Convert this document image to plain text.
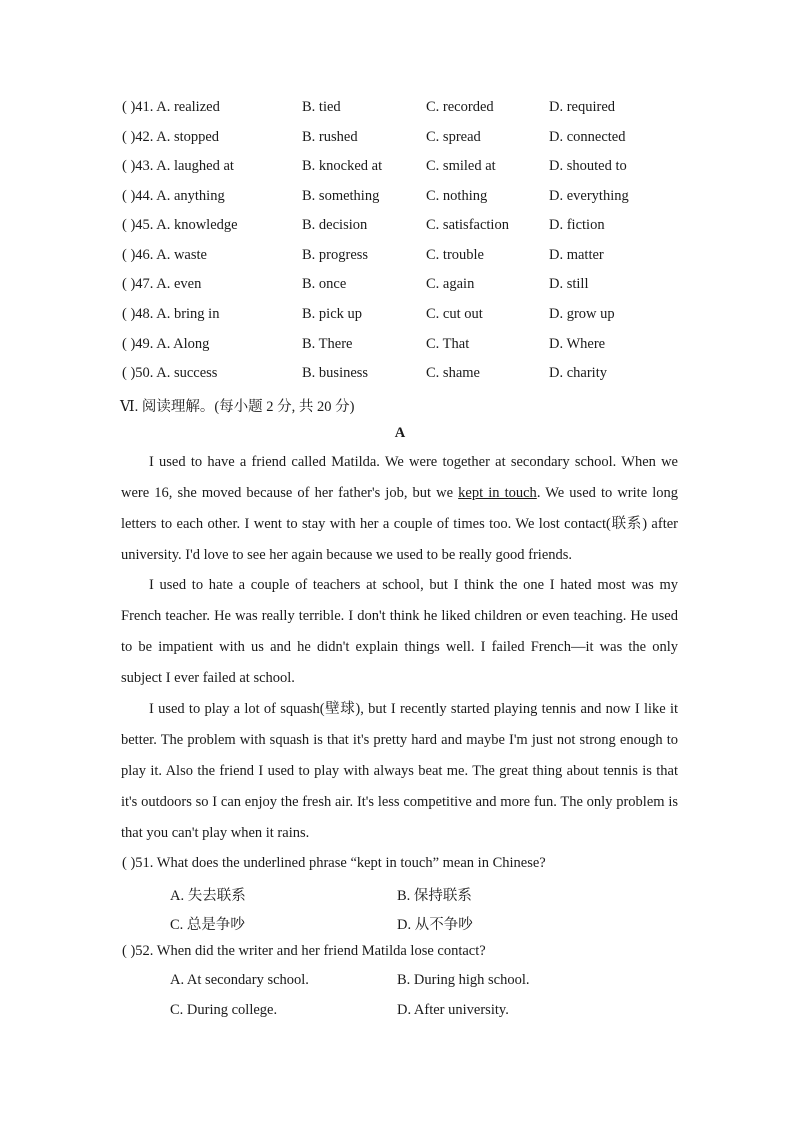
( )41. A. realized	B. tied	C. recorded	D. required
( )42. A. stopped	B. rushed	C. spread	D. connected
( )43. A. laughed at	B. knocked at	C. smiled at	D. shouted to
( )44. A. anything	B. something	C. nothing	D. everything
( )45. A. knowledge	B. decision	C. satisfaction	D. fiction
( )46. A. waste	B. progress	C. trouble	D. matter
( )47. A. even	B. once	C. again	D. still
( )48. A. bring in	B. pick up	C. cut out	D. grow up
( )49. A. Along	B. There	C. That	D. Where
( )50. A. success	B. business	C. shame	D. charity
Ⅵ. 阅读理解。(每小题 2 分, 共 20 分)
A

I used to have a friend called Matilda. We were together at secondary school. When we were 16, she moved because of her father's job, but we kept in touch. We used to write long letters to each other. I went to stay with her a couple of times too. We lost contact(联系) after university. I'd love to see her again because we used to be really good friends.

I used to hate a couple of teachers at school, but I think the one I hated most was my French teacher. He was really terrible. I don't think he liked children or even teaching. He used to be impatient with us and he didn't explain things well. I failed French—it was the only subject I ever failed at school.

I used to play a lot of squash(壁球), but I recently started playing tennis and now I like it better. The problem with squash is that it's pretty hard and maybe I'm just not strong enough to play it. Also the friend I used to play with always beat me. The great thing about tennis is that it's outdoors so I can enjoy the fresh air. It's less competitive and more fun. The only problem is that you can't play when it rains.

( )51. What does the underlined phrase “kept in touch” mean in Chinese?
A. 失去联系	B. 保持联系
C. 总是争吵	D. 从不争吵
( )52. When did the writer and her friend Matilda lose contact?
A. At secondary school.	B. During high school.
C. During college.	D. After university.
